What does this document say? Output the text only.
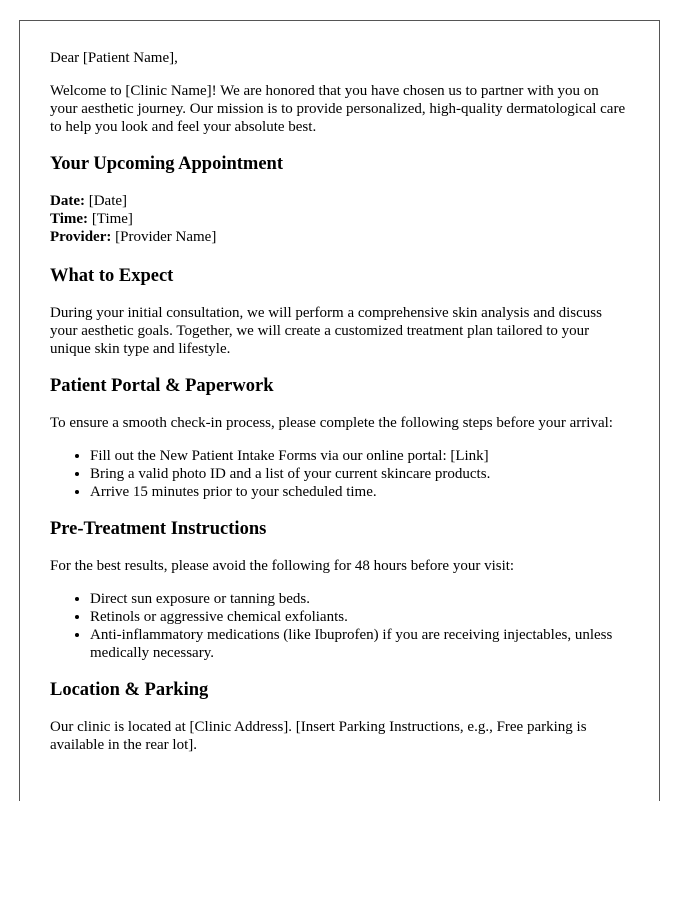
Dear [Patient Name],

Welcome to [Clinic Name]! We are honored that you have chosen us to partner with you on your aesthetic journey. Our mission is to provide personalized, high-quality dermatological care to help you look and feel your absolute best.

Your Upcoming Appointment

Date: [Date]

Time: [Time]

Provider: [Provider Name]

What to Expect

During your initial consultation, we will perform a comprehensive skin analysis and discuss your aesthetic goals. Together, we will create a customized treatment plan tailored to your unique skin type and lifestyle.

Patient Portal & Paperwork

To ensure a smooth check-in process, please complete the following steps before your arrival:

• Fill out the New Patient Intake Forms via our online portal: [Link]
• Bring a valid photo ID and a list of your current skincare products.
• Arrive 15 minutes prior to your scheduled time.
Pre-Treatment Instructions

For the best results, please avoid the following for 48 hours before your visit:

• Direct sun exposure or tanning beds.
• Retinols or aggressive chemical exfoliants.
• Anti-inflammatory medications (like Ibuprofen) if you are receiving injectables, unless medically necessary.
Location & Parking

Our clinic is located at [Clinic Address]. [Insert Parking Instructions, e.g., Free parking is available in the rear lot].
